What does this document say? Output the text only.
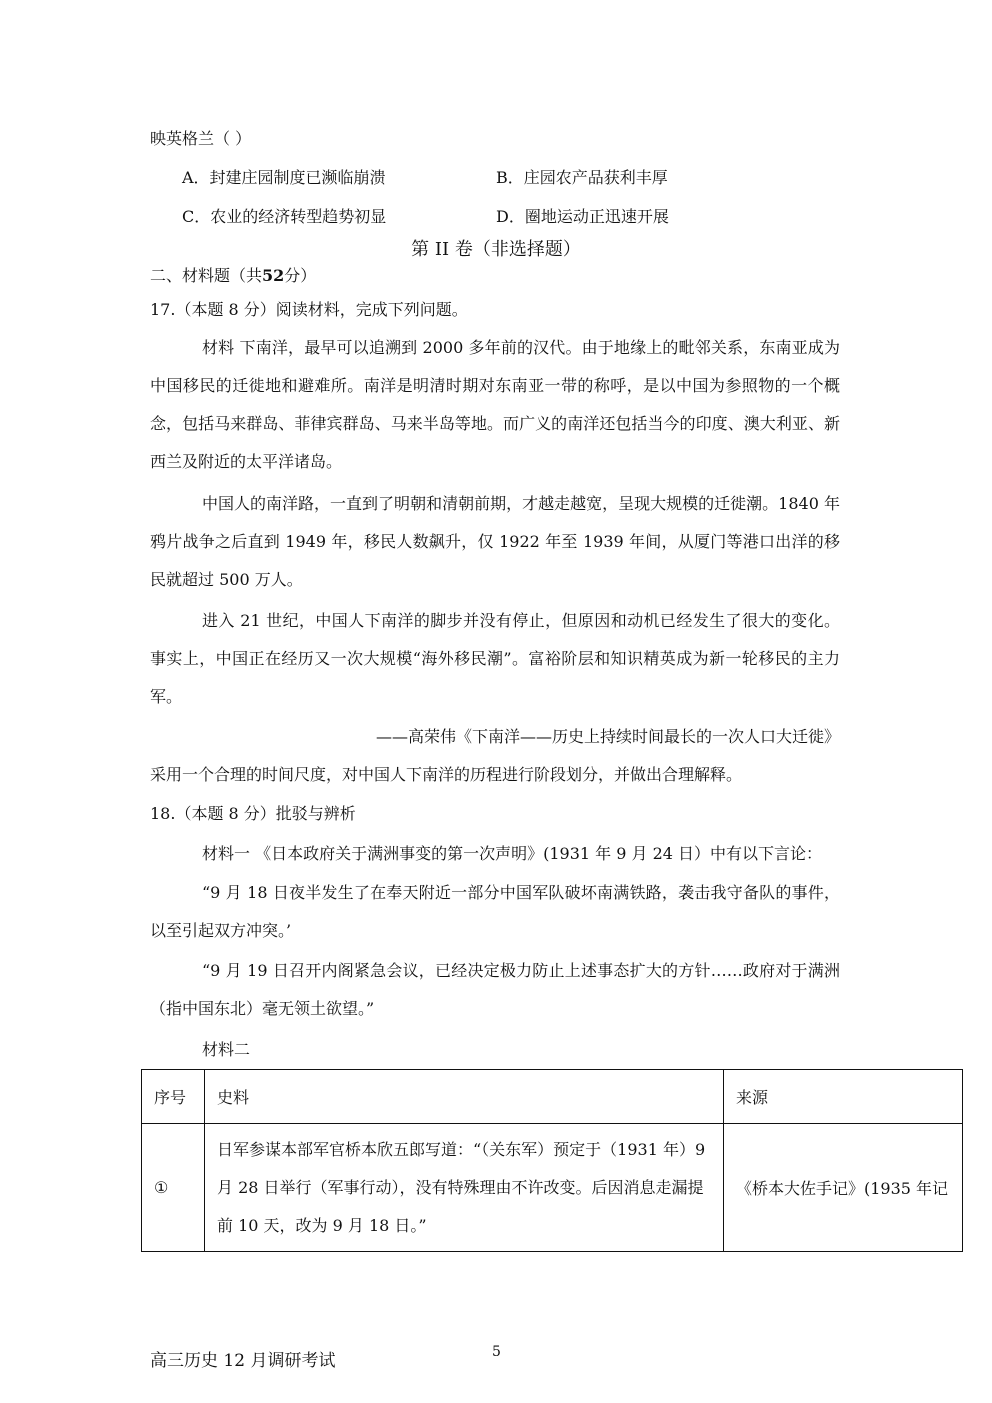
映英格兰（ ）
A．封建庄园制度已濒临崩溃	B．庄园农产品获利丰厚
C．农业的经济转型趋势初显	D．圈地运动正迅速开展
第 II 卷（非选择题）
二、材料题（共52分）
17.（本题 8 分）阅读材料，完成下列问题。
材料 下南洋，最早可以追溯到 2000 多年前的汉代。由于地缘上的毗邻关系，东南亚成为中国移民的迁徙地和避难所。南洋是明清时期对东南亚一带的称呼，是以中国为参照物的一个概念，包括马来群岛、菲律宾群岛、马来半岛等地。而广义的南洋还包括当今的印度、澳大利亚、新西兰及附近的太平洋诸岛。
中国人的南洋路，一直到了明朝和清朝前期，才越走越宽，呈现大规模的迁徙潮。1840 年鸦片战争之后直到 1949 年，移民人数飙升，仅 1922 年至 1939 年间，从厦门等港口出洋的移民就超过 500 万人。
进入 21 世纪，中国人下南洋的脚步并没有停止，但原因和动机已经发生了很大的变化。事实上，中国正在经历又一次大规模“海外移民潮”。富裕阶层和知识精英成为新一轮移民的主力军。
——高荣伟《下南洋——历史上持续时间最长的一次人口大迁徙》
采用一个合理的时间尺度，对中国人下南洋的历程进行阶段划分，并做出合理解释。
18.（本题 8 分）批驳与辨析
材料一 《日本政府关于满洲事变的第一次声明》(1931 年 9 月 24 日）中有以下言论：
“9 月 18 日夜半发生了在奉天附近一部分中国军队破坏南满铁路，袭击我守备队的事件，以至引起双方冲突。’
“9 月 19 日召开内阁紧急会议，已经决定极力防止上述事态扩大的方针……政府对于满洲（指中国东北）毫无领土欲望。”
材料二
序号	史料	来源
①	日军参谋本部军官桥本欣五郎写道：“（关东军）预定于（1931 年）9 月 28 日举行（军事行动），没有特殊理由不许改变。后因消息走漏提前 10 天，改为 9 月 18 日。”	《桥本大佐手记》(1935 年记
高三历史 12 月调研考试	5
